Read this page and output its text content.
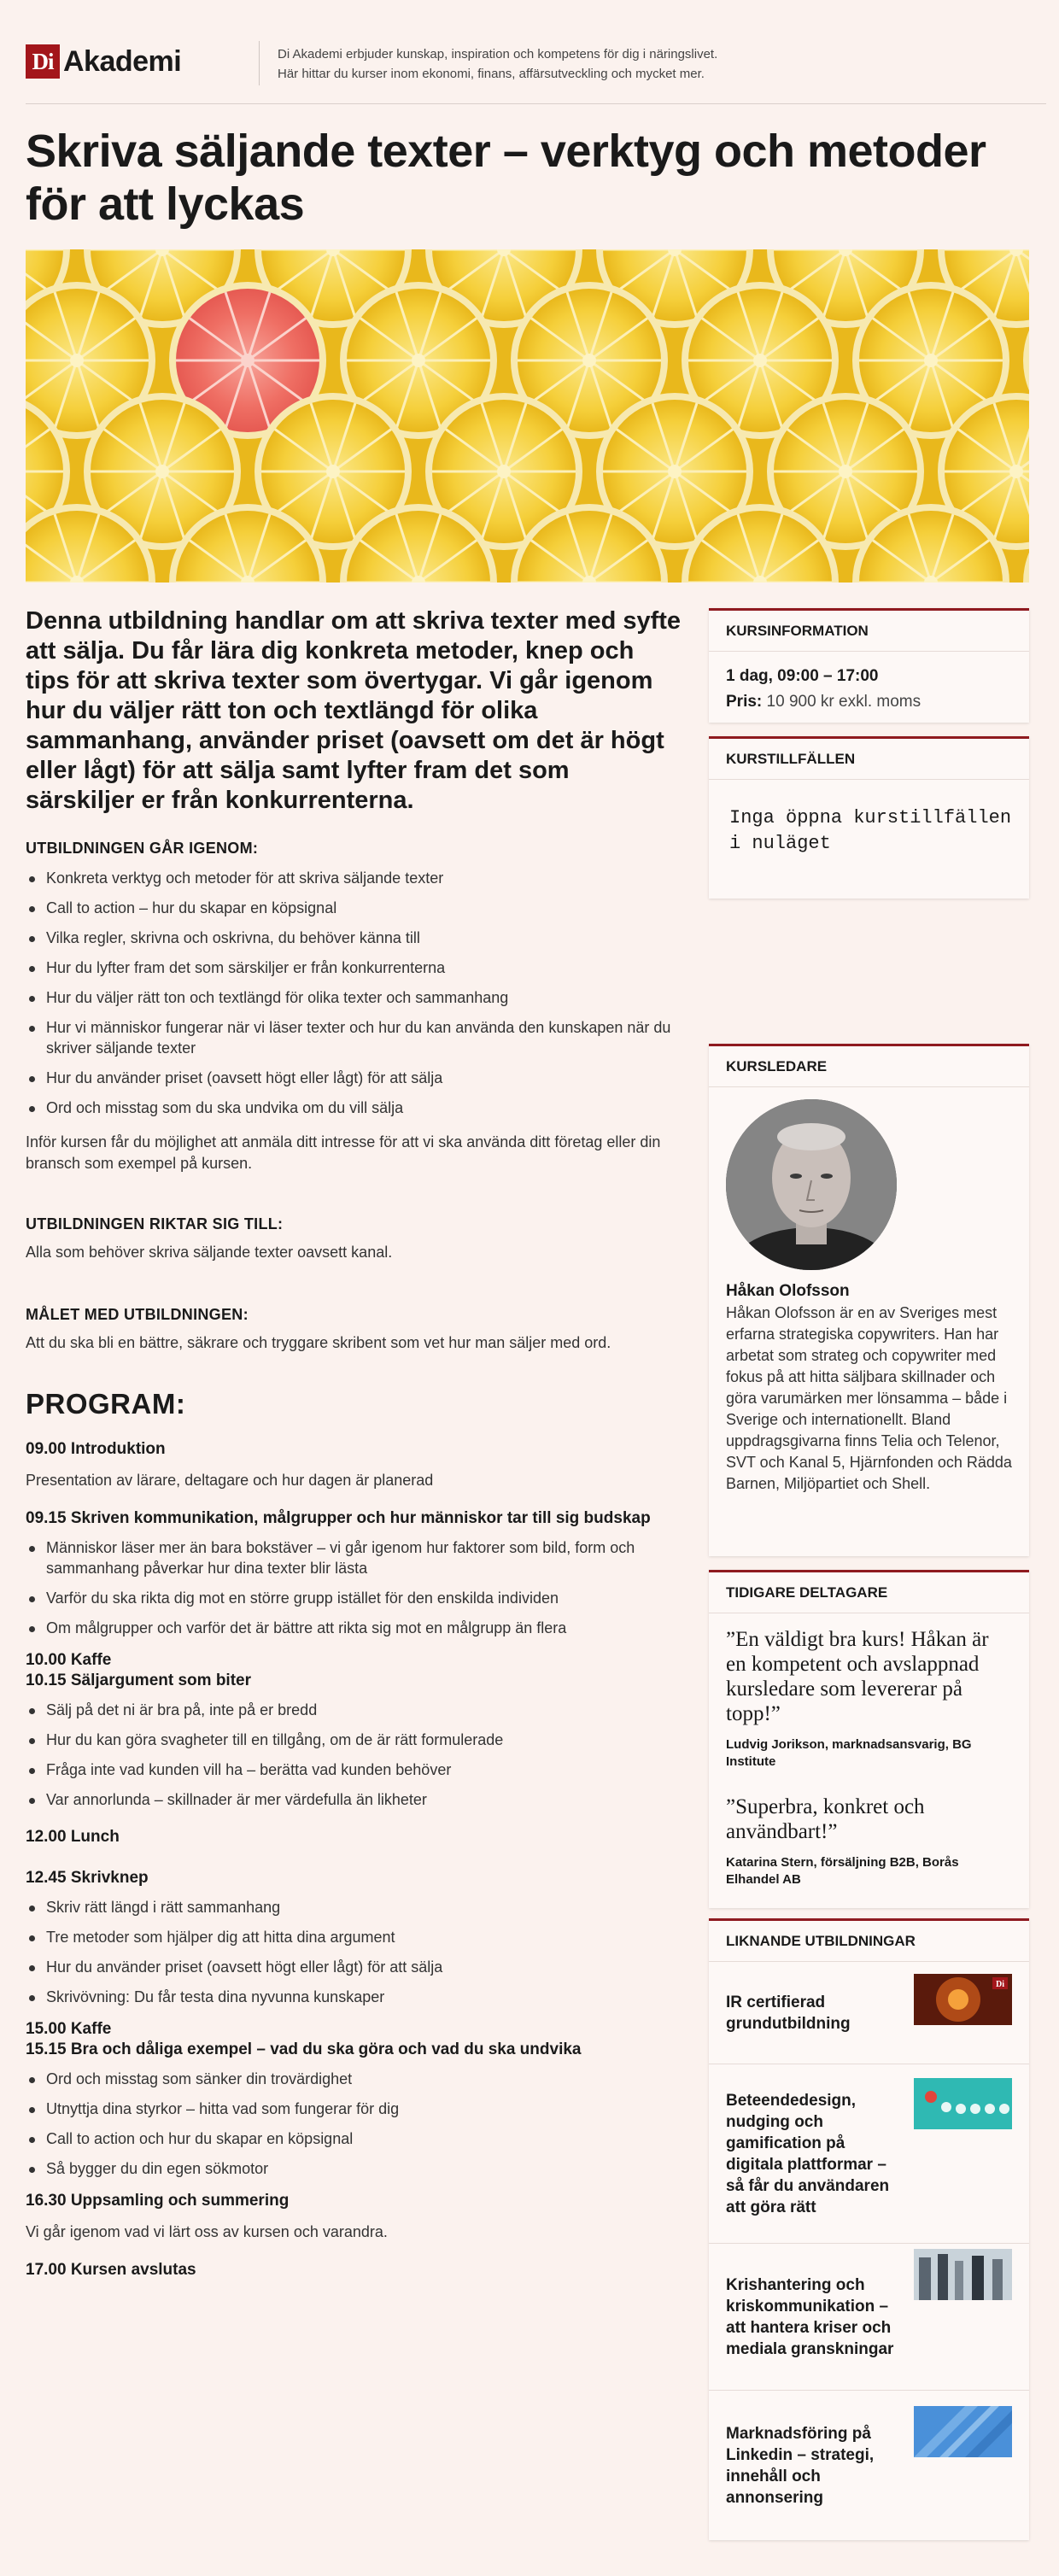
Di Akademi	Di Akademi erbjuder kunskap, inspiration och kompetens för dig i näringslivet.
Här hittar du kurser inom ekonomi, finans, affärsutveckling och mycket mer.
Skriva säljande texter – verktyg och metoder för att lyckas

Denna utbildning handlar om att skriva texter med syfte att sälja. Du får lära dig konkreta metoder, knep och tips för att skriva texter som övertygar. Vi går igenom hur du väljer rätt ton och textlängd för olika sammanhang, använder priset (oavsett om det är högt eller lågt) för att sälja samt lyfter fram det som särskiljer er från konkurrenterna.

UTBILDNINGEN GÅR IGENOM:
Konkreta verktyg och metoder för att skriva säljande texter
Call to action – hur du skapar en köpsignal
Vilka regler, skrivna och oskrivna, du behöver känna till
Hur du lyfter fram det som särskiljer er från konkurrenterna
Hur du väljer rätt ton och textlängd för olika texter och sammanhang
Hur vi människor fungerar när vi läser texter och hur du kan använda den kunskapen när du skriver säljande texter
Hur du använder priset (oavsett högt eller lågt) för att sälja
Ord och misstag som du ska undvika om du vill sälja

Inför kursen får du möjlighet att anmäla ditt intresse för att vi ska använda ditt företag eller din bransch som exempel på kursen.

UTBILDNINGEN RIKTAR SIG TILL:

Alla som behöver skriva säljande texter oavsett kanal.

MÅLET MED UTBILDNINGEN:

Att du ska bli en bättre, säkrare och tryggare skribent som vet hur man säljer med ord.

PROGRAM:
09.00 Introduktion

Presentation av lärare, deltagare och hur dagen är planerad

09.15 Skriven kommunikation, målgrupper och hur människor tar till sig budskap
Människor läser mer än bara bokstäver – vi går igenom hur faktorer som bild, form och sammanhang påverkar hur dina texter blir lästa
Varför du ska rikta dig mot en större grupp istället för den enskilda individen
Om målgrupper och varför det är bättre att rikta sig mot en målgrupp än flera
10.00 Kaffe
10.15 Säljargument som biter
Sälj på det ni är bra på, inte på er bredd
Hur du kan göra svagheter till en tillgång, om de är rätt formulerade
Fråga inte vad kunden vill ha – berätta vad kunden behöver
Var annorlunda – skillnader är mer värdefulla än likheter
12.00 Lunch
12.45 Skrivknep
Skriv rätt längd i rätt sammanhang
Tre metoder som hjälper dig att hitta dina argument
Hur du använder priset (oavsett högt eller lågt) för att sälja
Skrivövning: Du får testa dina nyvunna kunskaper
15.00 Kaffe
15.15 Bra och dåliga exempel – vad du ska göra och vad du ska undvika
Ord och misstag som sänker din trovärdighet
Utnyttja dina styrkor – hitta vad som fungerar för dig
Call to action och hur du skapar en köpsignal
Så bygger du din egen sökmotor
16.30 Uppsamling och summering

Vi går igenom vad vi lärt oss av kursen och varandra.

17.00 Kursen avslutas
KURSINFORMATION
1 dag, 09:00 – 17:00
Pris: 10 900 kr exkl. moms
KURSTILLFÄLLEN
Inga öppna kurstillfällen i nuläget
KURSLEDARE
Håkan Olofsson
Håkan Olofsson är en av Sveriges mest erfarna strategiska copywriters. Han har arbetat som strateg och copywriter med fokus på att hitta säljbara skillnader och göra varumärken mer lönsamma – både i Sverige och internationellt. Bland uppdragsgivarna finns Telia och Telenor, SVT och Kanal 5, Hjärnfonden och Rädda Barnen, Miljöpartiet och Shell.
TIDIGARE DELTAGARE
”En väldigt bra kurs! Håkan är en kompetent och avslappnad kursledare som levererar på topp!”
Ludvig Jorikson, marknadsansvarig, BG Institute
”Superbra, konkret och användbart!”
Katarina Stern, försäljning B2B, Borås Elhandel AB
LIKNANDE UTBILDNINGAR
IR certifierad grundutbildning
Di
Beteendedesign, nudging och gamification på digitala plattformar – så får du användaren att göra rätt
Krishantering och kriskommunikation – att hantera kriser och mediala granskningar
Marknadsföring på Linkedin – strategi, innehåll och annonsering
